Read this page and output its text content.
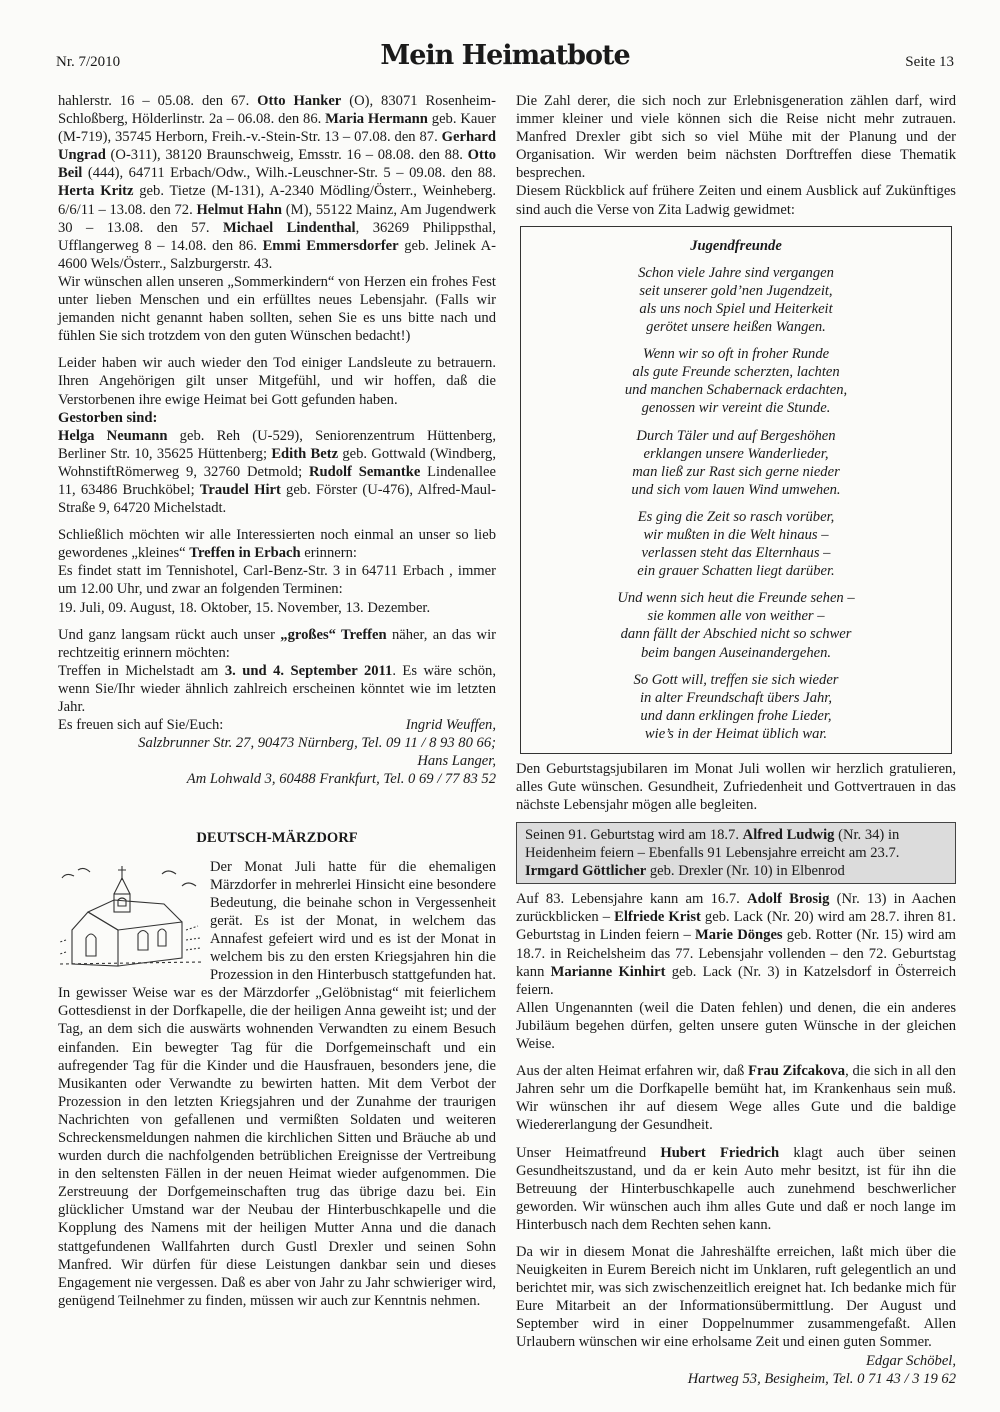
Nr. 7/2010	Mein Heimatbote	Seite 13

hahlerstr. 16 – 05.08. den 67. Otto Hanker (O), 83071 Rosenheim-Schloßberg, Hölderlinstr. 2a – 06.08. den 86. Maria Hermann geb. Kauer (M-719), 35745 Herborn, Freih.-v.-Stein-Str. 13 – 07.08. den 87. Gerhard Ungrad (O-311), 38120 Braunschweig, Emsstr. 16 – 08.08. den 88. Otto Beil (444), 64711 Erbach/Odw., Wilh.-Leuschner-Str. 5 – 09.08. den 88. Herta Kritz geb. Tietze (M-131), A-2340 Mödling/Österr., Weinheberg. 6/6/11 – 13.08. den 72. Helmut Hahn (M), 55122 Mainz, Am Jugendwerk 30 – 13.08. den 57. Michael Lindenthal, 36269 Philippsthal, Ufflangerweg 8 – 14.08. den 86. Emmi Emmersdorfer geb. Jelinek A-4600 Wels/Österr., Salzburgerstr. 43.

Wir wünschen allen unseren „Sommerkindern“ von Herzen ein frohes Fest unter lieben Menschen und ein erfülltes neues Lebensjahr. (Falls wir jemanden nicht genannt haben sollten, sehen Sie es uns bitte nach und fühlen Sie sich trotzdem von den guten Wünschen bedacht!)

Leider haben wir auch wieder den Tod einiger Landsleute zu betrauern. Ihren Angehörigen gilt unser Mitgefühl, und wir hoffen, daß die Verstorbenen ihre ewige Heimat bei Gott gefunden haben.

Gestorben sind:

Helga Neumann geb. Reh (U-529), Seniorenzentrum Hüttenberg, Berliner Str. 10, 35625 Hüttenberg; Edith Betz geb. Gottwald (Windberg, WohnstiftRömerweg 9, 32760 Detmold; Rudolf Semantke Lindenallee 11, 63486 Bruchköbel; Traudel Hirt geb. Förster (U-476), Alfred-Maul-Straße 9, 64720 Michelstadt.

Schließlich möchten wir alle Interessierten noch einmal an unser so lieb gewordenes „kleines“ Treffen in Erbach erinnern:

Es findet statt im Tennishotel, Carl-Benz-Str. 3 in 64711 Erbach , immer um 12.00 Uhr, und zwar an folgenden Terminen:

19. Juli, 09. August, 18. Oktober, 15. November, 13. Dezember.

Und ganz langsam rückt auch unser „großes“ Treffen näher, an das wir rechtzeitig erinnern möchten:

Treffen in Michelstadt am 3. und 4. September 2011. Es wäre schön, wenn Sie/Ihr wieder ähnlich zahlreich erscheinen könntet wie im letzten Jahr.

Es freuen sich auf Sie/Euch:	Ingrid Weuffen,

Salzbrunner Str. 27, 90473 Nürnberg, Tel. 09 11 / 8 93 80 66;

Hans Langer,

Am Lohwald 3, 60488 Frankfurt, Tel. 0 69 / 77 83 52

DEUTSCH-MÄRZDORF

Der Monat Juli hatte für die ehemaligen Märzdorfer in mehrerlei Hinsicht eine besondere Bedeutung, die beinahe schon in Vergessenheit gerät. Es ist der Monat, in welchem das Annafest gefeiert wird und es ist der Monat in welchem bis zu den ersten Kriegsjahren hin die Prozession in den Hinterbusch stattgefunden hat. In gewisser Weise war es der Märzdorfer „Gelöbnistag“ mit feierlichem Gottesdienst in der Dorfkapelle, die der heiligen Anna geweiht ist; und der Tag, an dem sich die auswärts wohnenden Verwandten zu einem Besuch einfanden. Ein bewegter Tag für die Dorfgemeinschaft und ein aufregender Tag für die Kinder und die Hausfrauen, besonders jene, die Musikanten oder Verwandte zu bewirten hatten. Mit dem Verbot der Prozession in den letzten Kriegsjahren und der Zunahme der traurigen Nachrichten von gefallenen und vermißten Soldaten und weiteren Schreckensmeldungen nahmen die kirchlichen Sitten und Bräuche ab und wurden durch die nachfolgenden betrüblichen Ereignisse der Vertreibung in den seltensten Fällen in der neuen Heimat wieder aufgenommen. Die Zerstreuung der Dorfgemeinschaften trug das übrige dazu bei. Ein glücklicher Umstand war der Neubau der Hinterbuschkapelle und die Kopplung des Namens mit der heiligen Mutter Anna und die danach stattgefundenen Wallfahrten durch Gustl Drexler und seinen Sohn Manfred. Wir dürfen für diese Leistungen dankbar sein und dieses Engagement nie vergessen. Daß es aber von Jahr zu Jahr schwieriger wird, genügend Teilnehmer zu finden, müssen wir auch zur Kenntnis nehmen.

Die Zahl derer, die sich noch zur Erlebnisgeneration zählen darf, wird immer kleiner und viele können sich die Reise nicht mehr zutrauen. Manfred Drexler gibt sich so viel Mühe mit der Planung und der Organisation. Wir werden beim nächsten Dorftreffen diese Thematik besprechen.

Diesem Rückblick auf frühere Zeiten und einem Ausblick auf Zukünftiges sind auch die Verse von Zita Ladwig gewidmet:

Jugendfreunde
Schon viele Jahre sind vergangen
seit unserer gold’nen Jugendzeit,
als uns noch Spiel und Heiterkeit
gerötet unsere heißen Wangen.
Wenn wir so oft in froher Runde
als gute Freunde scherzten, lachten
und manchen Schabernack erdachten,
genossen wir vereint die Stunde.
Durch Täler und auf Bergeshöhen
erklangen unsere Wanderlieder,
man ließ zur Rast sich gerne nieder
und sich vom lauen Wind umwehen.
Es ging die Zeit so rasch vorüber,
wir mußten in die Welt hinaus –
verlassen steht das Elternhaus –
ein grauer Schatten liegt darüber.
Und wenn sich heut die Freunde sehen –
sie kommen alle von weither –
dann fällt der Abschied nicht so schwer
beim bangen Auseinandergehen.
So Gott will, treffen sie sich wieder
in alter Freundschaft übers Jahr,
und dann erklingen frohe Lieder,
wie’s in der Heimat üblich war.

Den Geburtstagsjubilaren im Monat Juli wollen wir herzlich gratulieren, alles Gute wünschen. Gesundheit, Zufriedenheit und Gottvertrauen in das nächste Lebensjahr mögen alle begleiten.

Seinen 91. Geburtstag wird am 18.7. Alfred Ludwig (Nr. 34) in Heidenheim feiern – Ebenfalls 91 Lebensjahre erreicht am 23.7. Irmgard Göttlicher geb. Drexler (Nr. 10) in Elbenrod

Auf 83. Lebensjahre kann am 16.7. Adolf Brosig (Nr. 13) in Aachen zurückblicken – Elfriede Krist geb. Lack (Nr. 20) wird am 28.7. ihren 81. Geburtstag in Linden feiern – Marie Dönges geb. Rotter (Nr. 15) wird am 18.7. in Reichelsheim das 77. Lebensjahr vollenden – den 72. Geburtstag kann Marianne Kinhirt geb. Lack (Nr. 3) in Katzelsdorf in Österreich feiern.

Allen Ungenannten (weil die Daten fehlen) und denen, die ein anderes Jubiläum begehen dürfen, gelten unsere guten Wünsche in der gleichen Weise.

Aus der alten Heimat erfahren wir, daß Frau Zifcakova, die sich in all den Jahren sehr um die Dorfkapelle bemüht hat, im Krankenhaus sein muß. Wir wünschen ihr auf diesem Wege alles Gute und die baldige Wiedererlangung der Gesundheit.

Unser Heimatfreund Hubert Friedrich klagt auch über seinen Gesundheitszustand, und da er kein Auto mehr besitzt, ist für ihn die Betreuung der Hinterbuschkapelle auch zunehmend beschwerlicher geworden. Wir wünschen auch ihm alles Gute und daß er noch lange im Hinterbusch nach dem Rechten sehen kann.

Da wir in diesem Monat die Jahreshälfte erreichen, laßt mich über die Neuigkeiten in Eurem Bereich nicht im Unklaren, ruft gelegentlich an und berichtet mir, was sich zwischenzeitlich ereignet hat. Ich bedanke mich für Eure Mitarbeit an der Informationsübermittlung. Der August und September wird in einer Doppelnummer zusammengefaßt. Allen Urlaubern wünschen wir eine erholsame Zeit und einen guten Sommer.

Edgar Schöbel,

Hartweg 53, Besigheim, Tel. 0 71 43 / 3 19 62
